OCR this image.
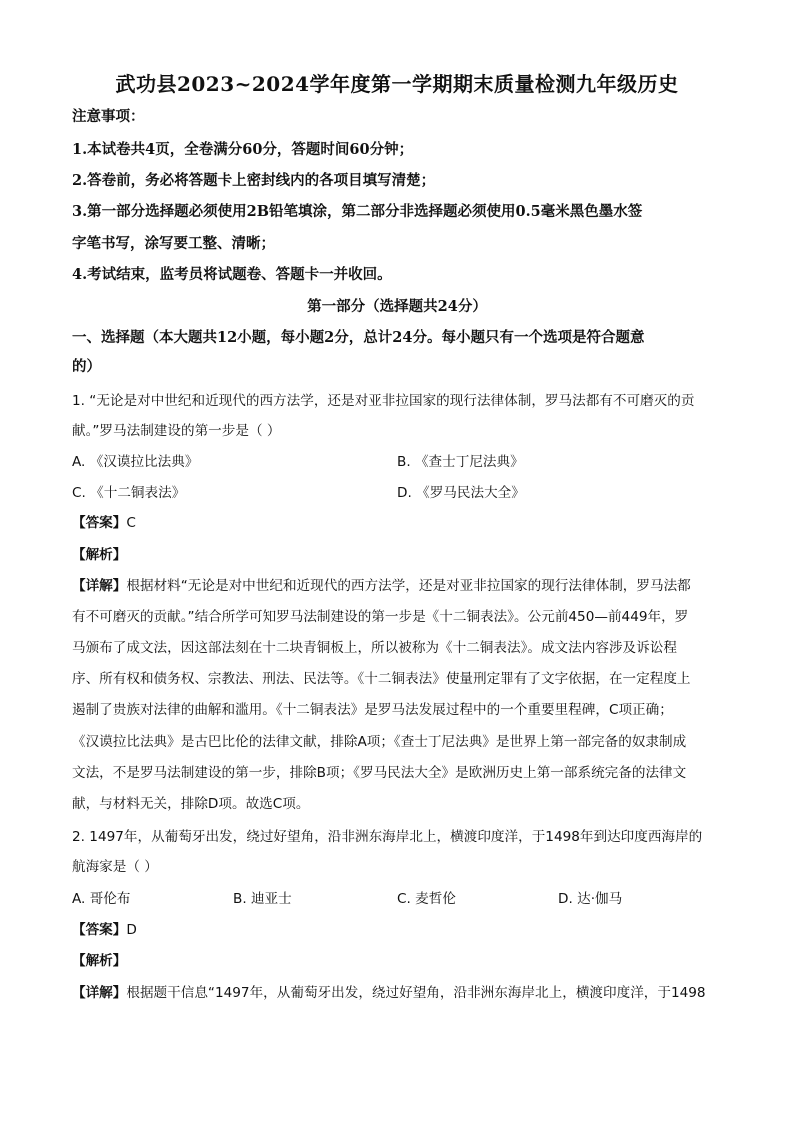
武功县2023~2024学年度第一学期期末质量检测九年级历史
注意事项：
1.本试卷共4页，全卷满分60分，答题时间60分钟；
2.答卷前，务必将答题卡上密封线内的各项目填写清楚；
3.第一部分选择题必须使用2B铅笔填涂，第二部分非选择题必须使用0.5毫米黑色墨水签
字笔书写，涂写要工整、清晰；
4.考试结束，监考员将试题卷、答题卡一并收回。
第一部分（选择题共24分）
一、选择题（本大题共12小题，每小题2分，总计24分。每小题只有一个选项是符合题意
的）
1. “无论是对中世纪和近现代的西方法学，还是对亚非拉国家的现行法律体制，罗马法都有不可磨灭的贡
献。”罗马法制建设的第一步是（ ）
A. 《汉谟拉比法典》	B. 《查士丁尼法典》
C. 《十二铜表法》	D. 《罗马民法大全》
【答案】C
【解析】
【详解】根据材料“无论是对中世纪和近现代的西方法学，还是对亚非拉国家的现行法律体制，罗马法都
有不可磨灭的贡献。”结合所学可知罗马法制建设的第一步是《十二铜表法》。公元前450—前449年，罗
马颁布了成文法，因这部法刻在十二块青铜板上，所以被称为《十二铜表法》。成文法内容涉及诉讼程
序、所有权和债务权、宗教法、刑法、民法等。《十二铜表法》使量刑定罪有了文字依据，在一定程度上
遏制了贵族对法律的曲解和滥用。《十二铜表法》是罗马法发展过程中的一个重要里程碑，C项正确；
《汉谟拉比法典》是古巴比伦的法律文献，排除A项；《查士丁尼法典》是世界上第一部完备的奴隶制成
文法，不是罗马法制建设的第一步，排除B项；《罗马民法大全》是欧洲历史上第一部系统完备的法律文
献，与材料无关，排除D项。故选C项。
2. 1497年，从葡萄牙出发，绕过好望角，沿非洲东海岸北上，横渡印度洋，于1498年到达印度西海岸的
航海家是（ ）
A. 哥伦布	B. 迪亚士	C. 麦哲伦	D. 达·伽马
【答案】D
【解析】
【详解】根据题干信息“1497年，从葡萄牙出发，绕过好望角，沿非洲东海岸北上，横渡印度洋，于1498
